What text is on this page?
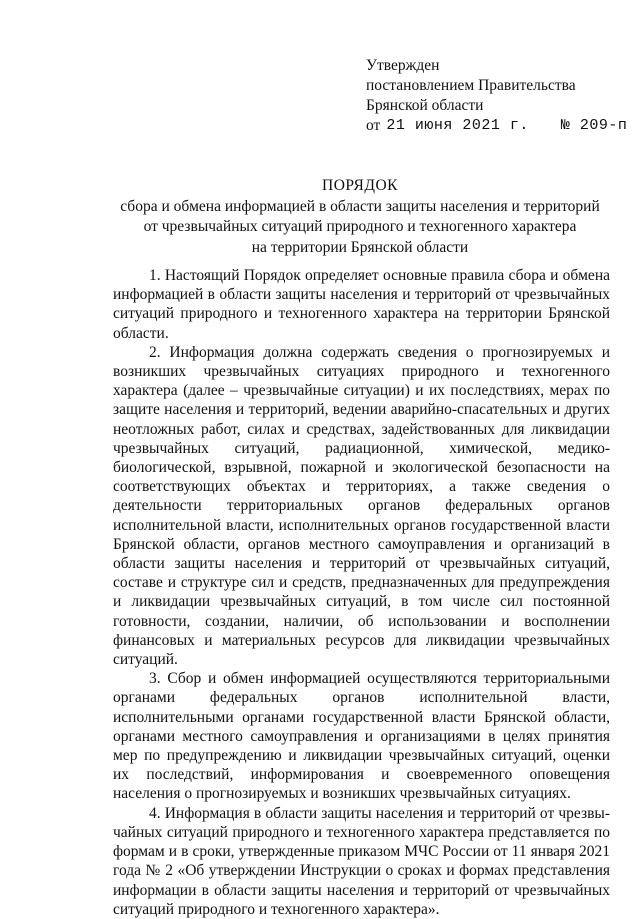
Утвержден
постановлением Правительства
Брянской области
от 21 июня 2021 г. № 209-п
ПОРЯДОК
сбора и обмена информацией в области защиты населения и территорий
от чрезвычайных ситуаций природного и техногенного характера
на территории Брянской области

1. Настоящий Порядок определяет основные правила сбора и обмена информацией в области защиты населения и территорий от чрезвычайных ситуаций природного и техногенного характера на территории Брянской области.

2. Информация должна содержать сведения о прогнозируемых и возникших чрезвычайных ситуациях природного и техногенного характера (далее – чрезвычайные ситуации) и их последствиях, мерах по защите населения и территорий, ведении аварийно-спасательных и других неотложных работ, силах и средствах, задействованных для ликвидации чрезвычайных ситуаций, радиационной, химической, медико-биологической, взрывной, пожарной и экологической безопасности на соответствующих объектах и территориях, а также сведения о деятельности территориальных органов федеральных органов исполнительной власти, исполнительных органов государственной власти Брянской области, органов местного самоуправления и организаций в области защиты населения и территорий от чрезвычайных ситуаций, составе и структуре сил и средств, предназначенных для предупреждения и ликвидации чрезвычайных ситуаций, в том числе сил постоянной готовности, создании, наличии, об использовании и восполнении финансовых и материальных ресурсов для ликвидации чрезвычайных ситуаций.

3. Сбор и обмен информацией осуществляются территориальными органами федеральных органов исполнительной власти, исполнительными органами государственной власти Брянской области, органами местного самоуправления и организациями в целях принятия мер по предупреждению и ликвидации чрезвычайных ситуаций, оценки их последствий, информирования и своевременного оповещения населения о прогнозируемых и возникших чрезвычайных ситуациях.

4. Информация в области защиты населения и территорий от чрезвычайных ситуаций природного и техногенного характера представляется по формам и в сроки, утвержденные приказом МЧС России от 11 января 2021 года № 2 «Об утверждении Инструкции о сроках и формах представления информации в области защиты населения и территорий от чрезвычайных ситуаций природного и техногенного характера».
